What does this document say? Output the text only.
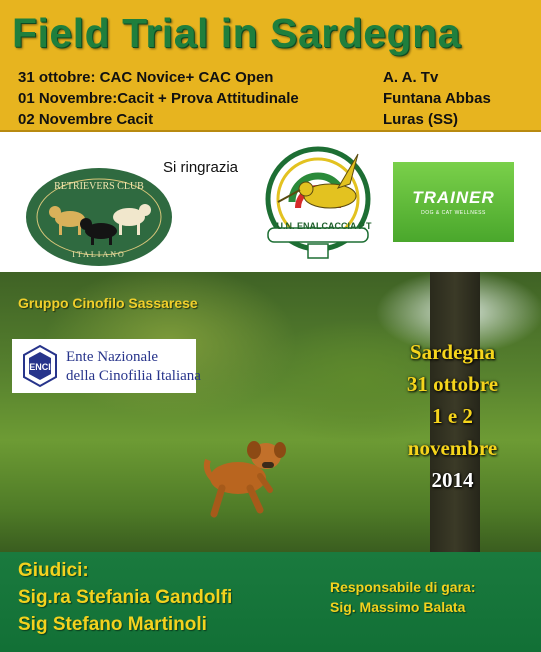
Field Trial in Sardegna
31 ottobre: CAC Novice+ CAC Open
01 Novembre:Cacit + Prova Attitudinale
02 Novembre Cacit
A. A. Tv
Funtana Abbas
Luras (SS)
Si ringrazia
RETRIEVERS CLUB
ITALIANO
U.N. ENALCACCIA P.T
TRAINER
DOG & CAT WELLNESS
Gruppo Cinofilo Sassarese
ENCI
Ente Nazionale
della Cinofilia Italiana
Sardegna
31 ottobre
1 e 2
novembre
2014
Giudici:
Sig.ra Stefania Gandolfi
Sig Stefano Martinoli
Responsabile di gara:
Sig. Massimo Balata
